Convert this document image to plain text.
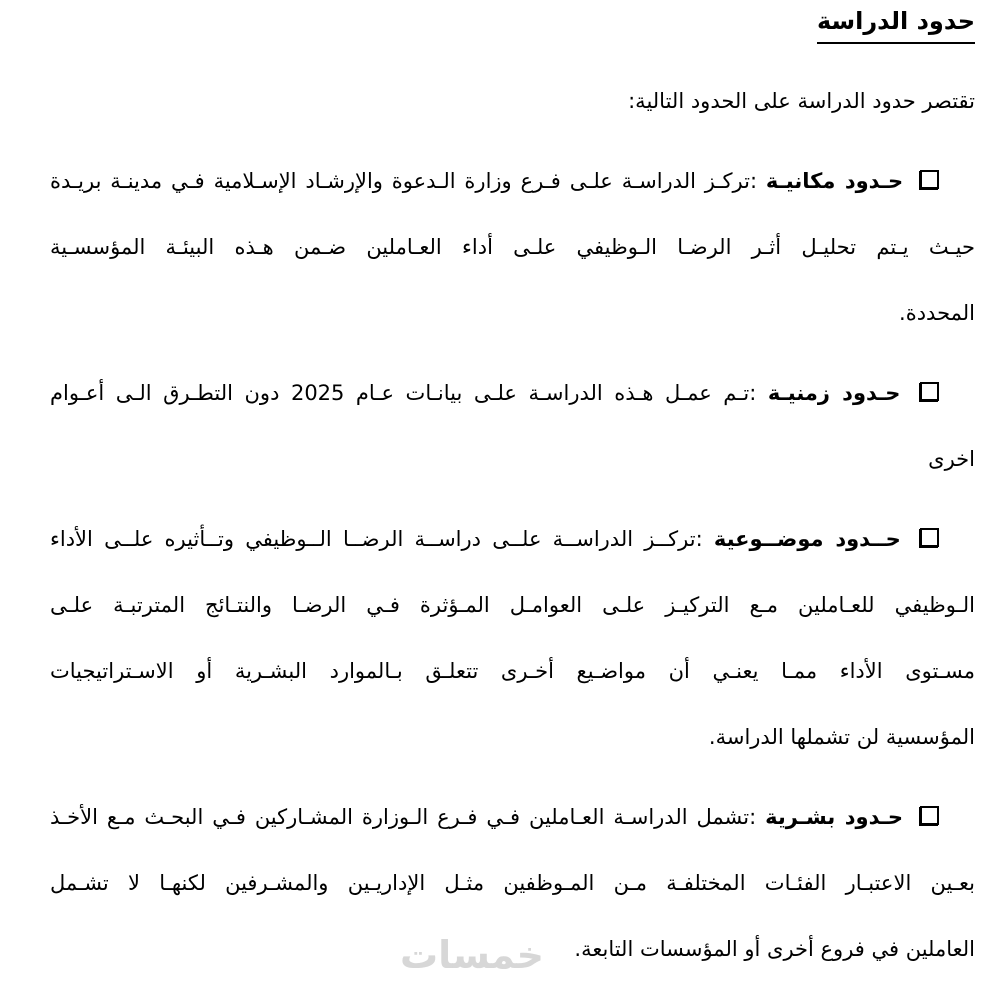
حدود الدراسة

تقتصر حدود الدراسة على الحدود التالية:

حـدود مكانيـة :تركـز الدراسـة علـى فـرع وزارة الـدعوة والإرشـاد الإسـلامية فـي مدينـة بريـدة
حيـث يـتم تحليـل أثـر الرضـا الـوظيفي علـى أداء العـاملين ضـمن هـذه البيئـة المؤسسـية
المحددة.
حـدود زمنيـة :تـم عمـل هـذه الدراسـة علـى بيانـات عـام 2025 دون التطـرق الـى أعـوام
اخرى
حــدود موضــوعية :تركــز الدراســة علــى دراســة الرضــا الــوظيفي وتــأثيره علــى الأداء
الـوظيفي للعـاملين مـع التركيـز علـى العوامـل المـؤثرة فـي الرضـا والنتـائج المترتبـة علـى
مسـتوى الأداء ممـا يعنـي أن مواضـيع أخـرى تتعلـق بـالموارد البشـرية أو الاسـتراتيجيات
المؤسسية لن تشملها الدراسة.
حـدود بشـرية :تشمل الدراسـة العـاملين فـي فـرع الـوزارة المشـاركين فـي البحـث مـع الأخـذ
بعـين الاعتبـار الفئـات المختلفـة مـن المـوظفين مثـل الإداريـين والمشـرفين لكنهـا لا تشـمل
العاملين في فروع أخرى أو المؤسسات التابعة.
خمسات
